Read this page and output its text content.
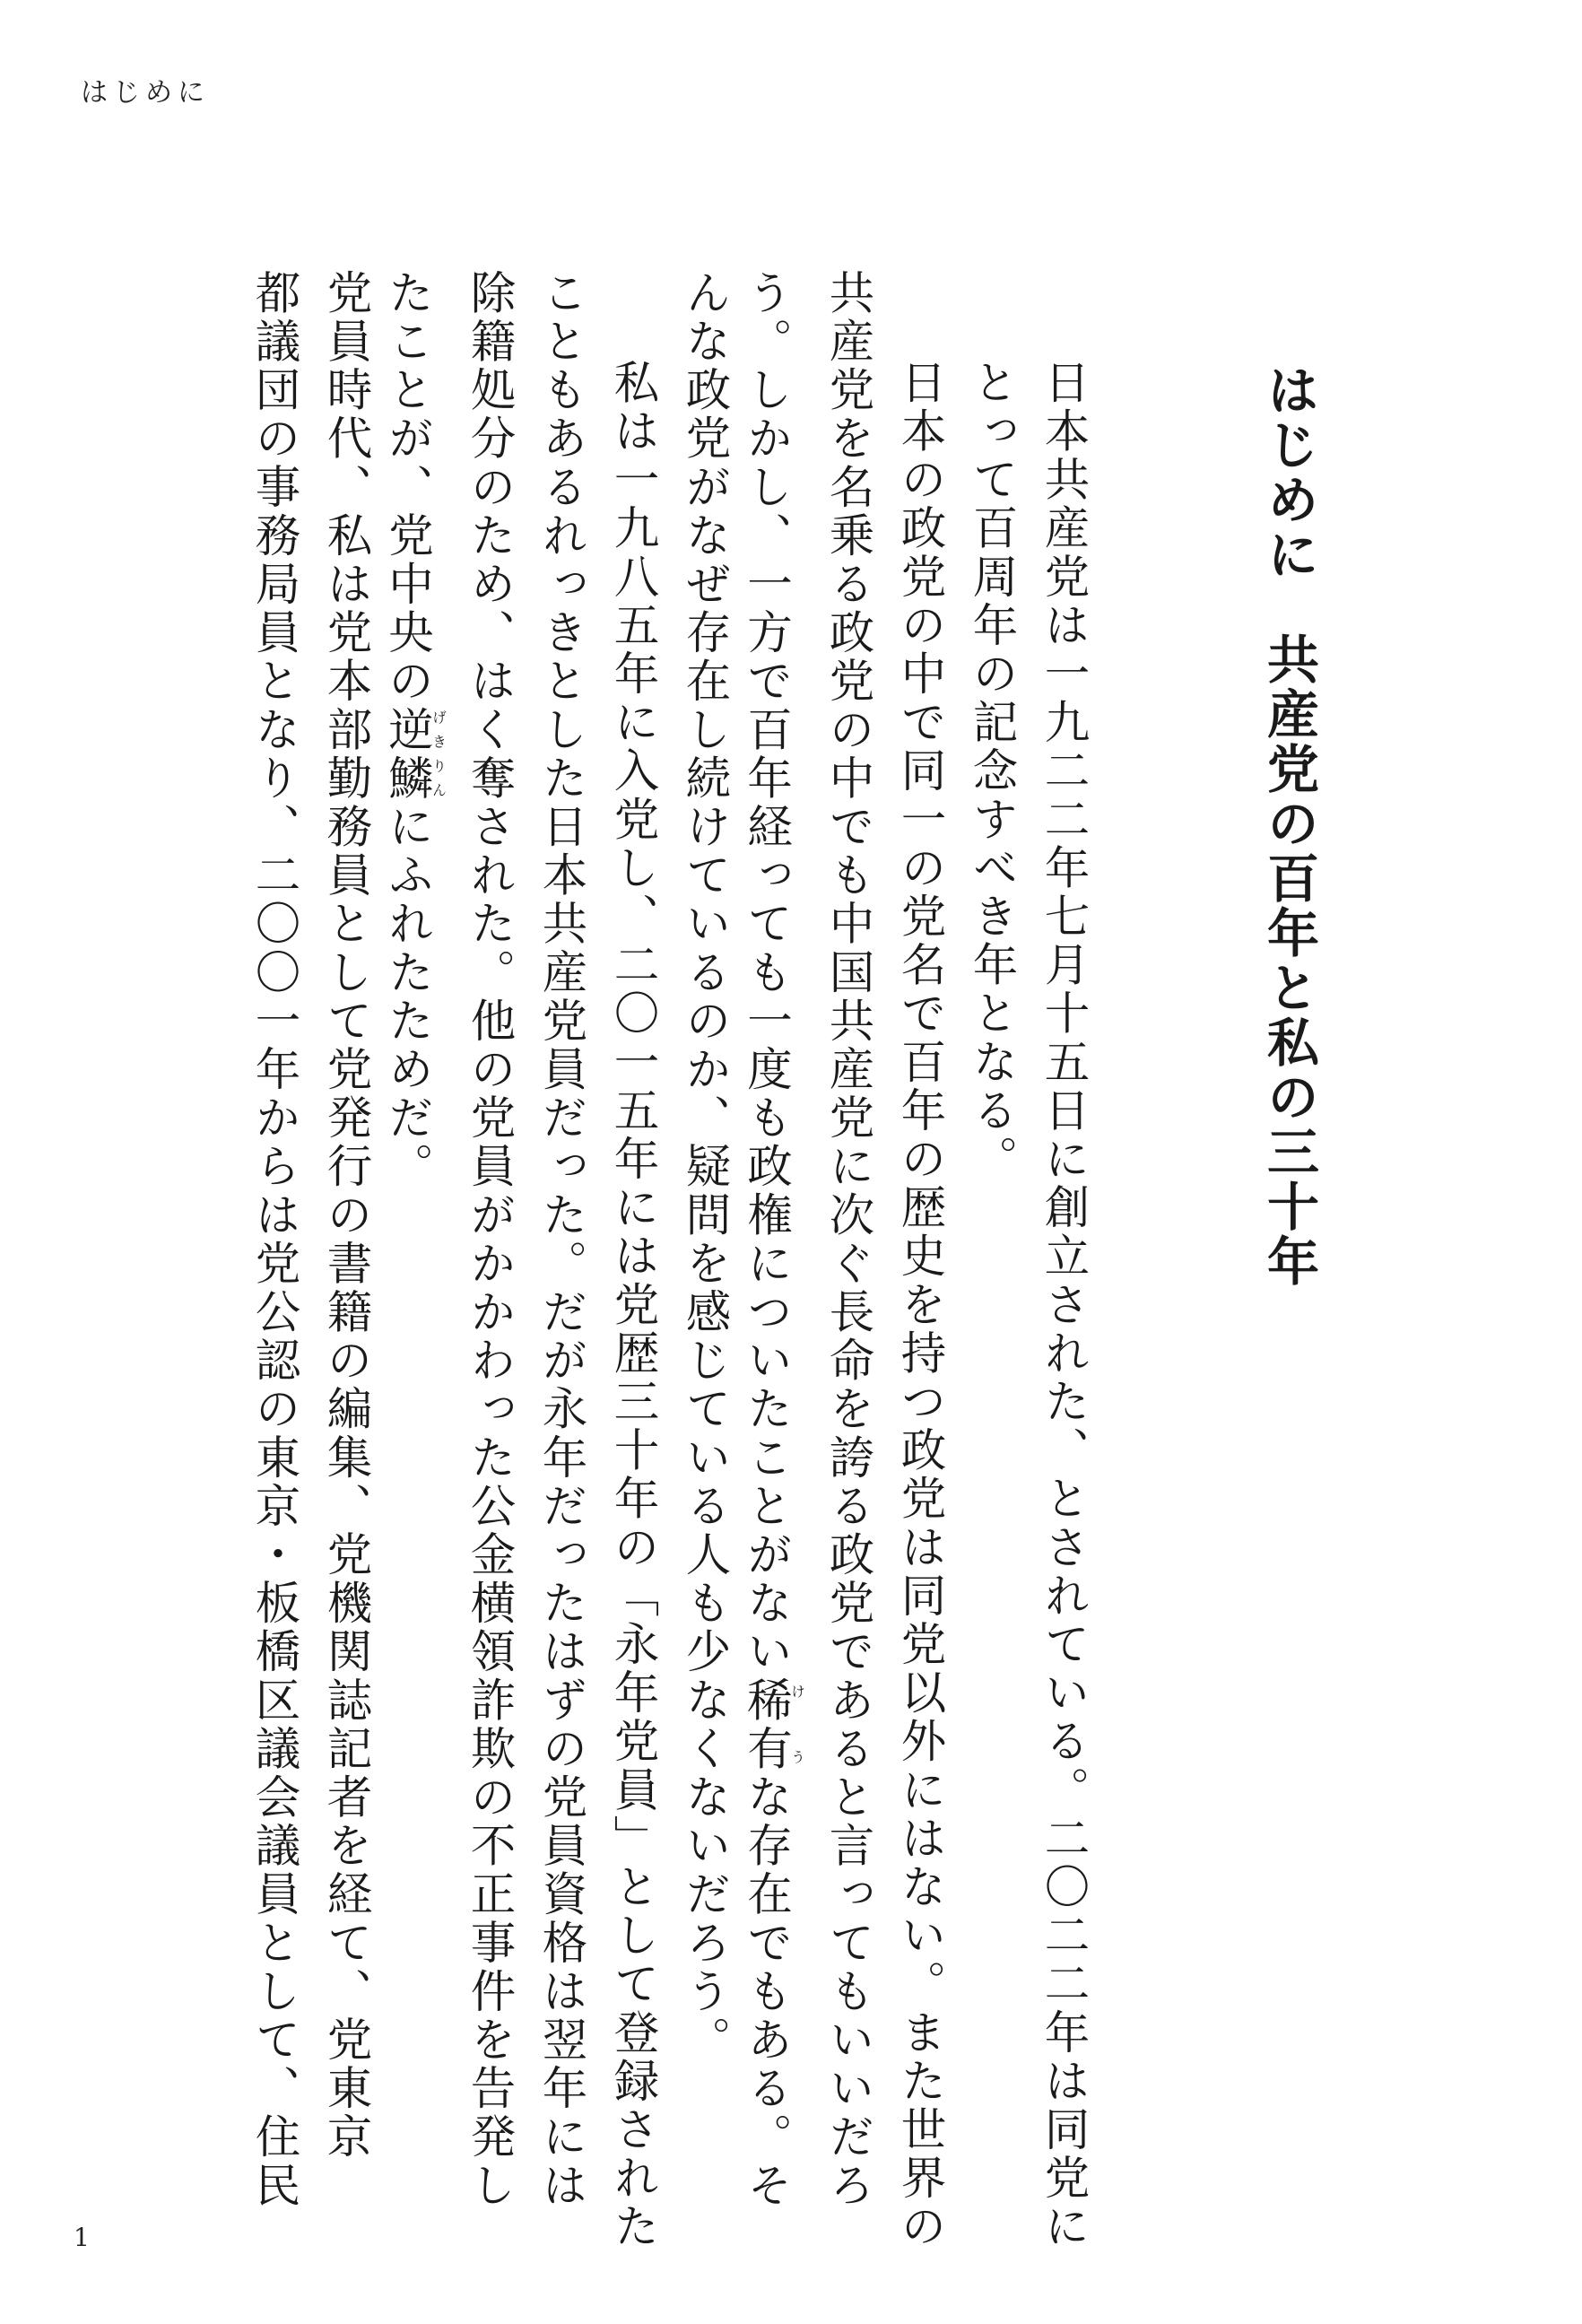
はじめに
はじめに共産党の百年と私の三十年
日本共産党は一九二二年七月十五日に創立された、とされている。二〇二二年は同党に
とって百周年の記念すべき年となる。
日本の政党の中で同一の党名で百年の歴史を持つ政党は同党以外にはない。また世界の
共産党を名乗る政党の中でも中国共産党に次ぐ長命を誇る政党であると言ってもいいだろ
う。しかし、一方で百年経っても一度も政権についたことがない稀有け うな存在でもある。そ
んな政党がなぜ存在し続けているのか、疑問を感じている人も少なくないだろう。
私は一九八五年に入党し、二〇一五年には党歴三十年の「永年党員」として登録された
こともあるれっきとした日本共産党員だった。だが永年だったはずの党員資格は翌年には
除籍処分のため、はく奪された。他の党員がかかわった公金横領詐欺の不正事件を告発し
たことが、党中央の逆鱗げきりんにふれたためだ。
党員時代、私は党本部勤務員として党発行の書籍の編集、党機関誌記者を経て、党東京
都議団の事務局員となり、二〇〇一年からは党公認の東京・板橋区議会議員として、住民
1
